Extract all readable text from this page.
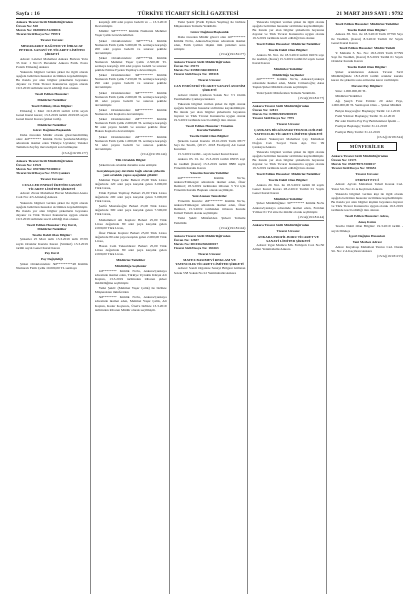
Sayfa : 16	TÜRKİYE TİCARET SİCİLİ GAZETESİ	21 MART 2019 SAYI : 9792
Ankara Ticaret Sicili Müdürlüğü'nden
Ünvan No: 528
Mersis No: 0638005151200016
Ticaret Sicil/Dosya No: 7999 ¥
Ticaret Unvanı:
MERAKARKT DAĞITIM VE İHRACAT PETROL SANAYİ VE TİCARET LİMİTED ŞİRKETİ

Adresi: Lalebel Mahallesi Ankara Bulvarı Yolu 35 Kat: 1 No:15 Pursaklar Ankara Fatih. Posta Polatlı Elmadağ Ankara

Yukarıda bilgileri verilen şirket ile ilgili olarak aşağıda belirtilen hususlar sicilimize kaydedilmiştir. Bu ilanda yer alan bilgiler şirketlerin beyanına dayanır ve Türk Ticaret Kanunu'na uygun olarak 19.3.2019 tarihinde tescil edildiği ilan olunur.

Tescil Edilen Hususlar:
Müdürler/Yetkililer
Tescil Edilmiş Olan Bilgiler:

Elmadağ 1 Mart 19.3.2019 tarihli 1234 sayılı Genel Kurul kararı; 13.3.2019 tarihli 2019/03 sayılı Genel Kurul Kararı (şirket tarih).

Müdürler/Yetkililer
Görev Dağılımı/Başkanlık

Daha önceden Müdür olarak görevlendirilmiş olan: 4Ø******* Kimlik No'lu Şenbaba/Maltliya adresinde ikamet eden Türkiye Uyruklu; Vekalet Temsilen Zeyfay mevcudiyeti son bulmuştur.

(15/A)(19/181177)
Ankara Ticaret Sicili Müdürlüğü'nden
Ünvan No: 12921
Mersis No: 0357006755300012
Ticaret Sicil/Dosya No: 3723 Çankırı
Ticaret Unvanı:
CUSA LED ENERJİ ÜRETİM SANAYİ TİCARET LİMİTED ŞİRKETİ

Adresi: Ziraat Mahallesi Havuz Mahallesi Arena Cadı No: 4/5 Altındağ Ankara

Yukarıda bilgileri verilen şirket ile ilgili olarak aşağıda belirtilen hususlar sicilimize kaydedilmiştir. Bu ilanda yer alan bilgiler şirketlerin beyanına dayanır ve Türk Ticaret Kanunu'na uygun olarak 19.3.2019 tarihinde tescil edildiği ilan olunur.

Tescil Edilen Hususlar: Pay Devri, Müdürler/Yetkililer
Tescile Dahil Olan Bilgiler:

Şirketler 25 Mart tarih 13.3.2019 tarih 07/09 sayılı Ortaklar Kurulu Kararı (Sirüleri) 13.3.2019 tarihli sayılı Genel Kurul Kararı

Pay Devri
Pay Değişikliği

Şirket Ortaklarından: 3Ø*********48 Kimlik Numaralı Fatih Çelik 10.000,00 TL sermaye

karşılığı 400 adet payını bedelli ve ... 13.3.2019 Devretmiştir.

Müdür: 3Ø******* Kimlik Numaralı Mehmet Yaşar Çelik Görevlendirilen

Şirket Ortaklarından: 3Ø*****14 Kimlik Numaralı Fatih Çelik 5.000,00 TL sermaye karşılığı 200 adet payını bedelli ve sınırsız şekilde devretmiştir.

Şirket Ortaklarından: 2Ø*****94 Kimlik Numaralı Mehmet Yaşar Çelik 2.500,00 TL sermaye karşılığı 100 adet payını bedelli ve sınırsız şekilde Emine Eyelen Yeşiltaş'a devretmiştir.

Şirket Ortaklarından: 3Ø******** Kimlik Numaralı Fatih Çelik 7.250,00 TL sermaye karşılığı 290 adet payını bedelli ve sınırsız şekilde devretmiştir.

Şirket Ortaklarından: 3Ø******** Kimlik Numaralı Fatih Çelik 2.000,00 TL sermaye karşılığı 96 adet payını bedelli ve sınırsız şekilde devretmiştir.

Şirket Ortaklarından: 6Ø******** Kimlik Numaralı Ali Kaplan'a devretmiştir.

Şirket Ortaklarından: 2Ø******** Kimlik Numaralı Fatih Çelik 2.000,00 TL sermaye karşılığı 80 adet payını bedelli ve sınırsız şekilde Öner Hakan Kaplan'a devretmiştir.

Şirket Ortaklarından: 2Ø******** Kimlik Numaralı Fatih Çelik 1.000,00 TL sermaye karşılığı 32 adet payını bedelli ve sınırsız şekilde devretmiştir.

(15/A)(19/181144)
Tüh Ortaklık Bilgisi:

Şirketin tek ortaklık durumu sona ermiştir.

Gerçekleşen pay devrinin bağlı olarak şirketin yeni ortaklık yapısı aşağıdaki gibidir:

Mehmet Yaşar Çelik: Beheri 25,00 Türk Lirası değerinde 120 adet paya karşılık gelen 3.000,00 Türk Lirası,

Emin Eymen Yeşiltaş: Beheri 25,00 Türk Lirası değerinde 200 adet paya karşılık gelen 5.000,00 Türk Lirası,

Şerife Mustafaoğlu: Beheri 25,00 Türk Lirası değerinde 300 adet paya karşılık gelen 7.500,00 Türk Lirası,

Muhammed Ali Kaplan: Beheri 25,00 Türk Lirası değerinde 80 adet paya karşılık gelen 2.000,00 Türk Lirası,

Öner Hakan Kaplan: Beheri 25,00 Türk Lirası değerinde 80 adet paya karşılık gelen 2.000,00 Türk Lirası,

Hasan Cem Tuksaldıran: Beheri 25,00 Türk Lirası değerinde 80 adet paya karşılık gelen 2.000,00 Türk Lirası.

Müdürler/Yetkililer
Müdürlüğe Seçilenler

1Ø******** Kimlik No'lu, Ankara/Çankaya adresinde ikamet eden, Türkiye Uyruklu Kürşat Ali Kaplan, 13.3.2019 tarihinden itibaren şirket müdürlüğüne seçilmiştir.

Yetki Şekli: (Mehmet Yaşar Çelik) ile birlikte Müşterekten münferiden

3Ø******** Kimlik No'lu, Ankara/Çankaya adresinde ikamet eden, Mehmet Yaşar Çelik, Ali Kaplan, Kader Koyuncu, Ünal'e birlikte 13.3.2019 tarihinden itibaren Müdür olarak seçilmiştir.

Yetki Şekli: (Fatih Eymen Yeşiltaş) ile birlikte Müşterekten Temsile Yetkilidir.

Görev Dağılımı/Başkanlık

Daha önceden Müdür görevi olan 1Ø******** Kimlik No'lu, Ankara/Keçiören adresinde ikamet eden, Fatih Çelik'e ilişkin tüm yetkileri sona ermiştir.

(15/A)(19/181177)
Ankara Ticaret Sicili Müdürlüğü'nden
Ünvan No: 29175
Mersis No: 0198013661000014
Ticaret Sicil/Dosya No: 189118
Ticaret Unvanı:
CAN ENDÜSTRİ TİCARET SANAYİ ANONİM ŞİRKETİ

Adresi: Ostim Çaldıran Sokak No: 7/1 Ostim Yenimahalle Çankaya/Ankara

Yukarıda bilgileri verilen şirket ile ilgili olarak aşağıda belirtilen hususlar sicilimize kaydedilmiştir. Bu ilanda yer alan bilgiler şirketlerin beyanına dayanır ve Türk Ticaret Kanunu'na uygun olarak 19.3.2019 tarihinde tescil edildiği ilan olunur.

Tescil Edilen Hususlar: Yönetim Kurulu/Yetkililer
Tescile Dahil Olan Bilgiler:

Şirketin Genel Kurulu 18.10.2019 Tarih 08/77 Sayı ile Tescili, (2017- 2018 Faaliyeti) Ait Genel Kurulları

15.3.2019 tarihli - sayılı Genel Kurul Kararı

Ankara 03. 01. ile 15.3.2019 tarihli 03033 sayı ile tasdikli (Karar) 15.3.2019 tarihli 8880 sayılı Yönetim Kurulu Kararı

Yönetim Kurulu/Yetkililer

2Ø*********** Kimlik No'lu, Ankara/Etimesgut adresinde ikamet eden, Öner Demirel; 18.3.2019 tarihinden itibaren 3 Yıl için Yönetim Kurulu Başkanı olarak seçilmiştir.

Yeni Atanan Temsilciler

Yönetim Kurulu: 2Ø******** Kimlik No'lu, Ankara/Etimesgut adresinde ikamet eden, Öner Demirel, 15.3.2019 tarihinden itibaren Kurulu Temsil Yetkili olarak seçilmiştir.

Yetki Şekli: Münferiden Şirketi Temsile Yetkilidir.

(15/A)(19/181144)
Ankara Ticaret Sicili Müdürlüğü'nden
Ünvan No: 12837
Mersis No: 0010162366400017
Ticaret Sicil/Dosya No: 184263
Ticaret Unvanı:
MATEX BASIMEVİ REKLAM VE YAYINCILIK TİCARET LİMİTED ŞİRKETİ

Adresi: Sondi Organize Sanayi Bölgesi Gülistan Sokak 558 Sokak No:12 Yenimahalle/Ankara

Yukarıda bilgileri verilen şirket ile ilgili olarak aşağıda belirtilen hususlar sicilimize kaydedilmiştir. Bu ilanda yer alan bilgiler şirketlerin beyanına dayanır ve Türk Ticaret Kanunu'na uygun olarak 19.3.2019 tarihinde tescil edildiği ilan olunur.

Tescil Edilen Hususlar: Müdürler/Yetkililer
Tescile Dahil Olan Bilgiler:

Ankara 30. Not. ile 18.3.2019 tarihli 02674 sayı ile tasdikli, (Karar) 15.3.2019 tarihli 02 sayılı Genel Kurul Kararı

Müdürler/Yetkililer
Müdürlüğe Seçilenler

2Ø******** Kimlik No'lu, Ankara/Çankaya adresinde ikamet eden, Metin Cömertoğlu; Aksa Taşkın Şirket Müdürü olarak seçilmiştir.

Yetki Şekli: Münferiden Temsile Yetkilidir.

(15/A)(19/181177)
Ankara Ticaret Sicili Müdürlüğü'nden
Ünvan No: 12813
Mersis No: 0289020492000019
Ticaret Sicil/Dosya No: 7975
Ticaret Unvanı:
ÇANKAYA BİLGİSAYAR TEKNOLOJİLERİ YAYINCILIK TİCARET LİMİTED ŞİRKETİ

Adresi: Yukarıyurt Mahallesi Çay Mahallesi Doğan Cad. Sosyal Tesis Apt. No: 99 Çankaya/Ankara

Yukarıda bilgileri verilen şirket ile ilgili olarak aşağıda belirtilen hususlar sicilimize kaydedilmiştir. Bu ilanda yer alan bilgiler şirketlerin beyanına dayanır ve Türk Ticaret Kanunu'na uygun olarak 19.3.2019 tarihinde tescil edildiği ilan olunur.

Tescil Edilen Hususlar: Müdürler/Yetkililer
Tescile Dahil Olan Bilgiler:

Ankara 20. Not. ile 18.3.2019 tarihli 02 sayılı Genel Kurul Kararı 28.2.2019 Tarihli 01 Sayılı Genel Kurul Kararı

Müdürler/Yetkililer

Şirket Müdürlüğüne: 30******** Kimlik No'lu Ankara/Çankaya adresinde ikamet eden, Feridun Yılmaz 01 Yıl süre ile müdür olarak seçilmiştir.

(15/A)(19/181144)
Ankara Ticaret Sicili Müdürlüğü'nden
Ticaret Unvanı:
ANKARA PROFİL BORU TİCARET VE SANAYİ LİMİTED ŞİRKETİ

Adresi: Ugur Mumcu Mh. Fethiyelı Cad. No:50 Altları Yenimahalle/Ankara

Tescil Edilen Hususlar: Müdürler/Yetkililer
Tescile Dahil Olan Bilgiler:

Ankara 38. Not. ile 18.3.2019 Tarih 07799 Sayı ile Tasdikli, (Karar) 8.3.2019 Tarihli 02 Sayılı Genel Kurul Kararı

Tescil Edilen Hususlar: Müdür/Yetkili

Y. Mahalle 3. No. No: 18.3.2019 Tarih 07799 Sayı İle Tasdikli, (Karar) 8.3.2019 Tarihli 01 Sayılı Ortaklar Kurulu Kararı

Tescile Dahil Olan Bilgiler:

Şirket ortaklarının Ankara Ticaret Sicil Müdürlüğünde 18.3.2019 tarihli ortaklar kurulu kararı ile şirketin sona ermesine karar verilmiştir.

Mevcut Pay Bilgileri:

Süre: 1.000.000,00 TL

Müdürler/Yetkililer

Ağı Şuayb Fırat Ertürk: 20 Adet Payı, 1.000.000,00 TL Sermayesi Olan ... Şirket Müdürü

Balçın Kuşçuoğlu: Başlangıç Tarihi: 12.1.2019

Fadıl Yılmaz: Başlangıç Tarihi: 31.12.2019

Bir adet Dariba Pay Pay Belirlenmesi İşlemi ...

Faaliyet Başlangıç Tarihi: 31.12.2018

Faaliyet Bitiş Tarihi: 31.12.2019

(15/A)(19/181344)
MÜNFERİLER
Ankara Ticaret Sicili Müdürlüğü'nden
Ünvan No: 11573
Mersis No: 0548789713500017
Ticaret Sicil/Dosya No: 395652
Ticaret Unvanı:
FERHAT EVCİ

Adresi: Ayvalı Mahallesi Tahsil Konak Cad. Yazar Sit. No: 21 A Keçiören/Ankara

Yukarıda bilgileri verilen kişi ile ilgili olarak aşağıda belirtilen hususlar sicilimize kaydedilmiştir. Bu ilanda yer alan bilgiler kişinin beyanına dayanır ve Türk Ticaret Kanunu'na uygun olarak 19.3.2019 tarihinde tescil edildiği ilan olunur.

Tescil Edilen Hususlar: Adres,
Ameş Kırım

Tescile Dahil Olan Bilgiler: 19.3.2019 tarihli - sayılı Dilekçe

İşyeri Değişim Hususları
Yeni Merkez Adresi

Adres: Kuyubaşı Mahallesi Yenice Cad. Durak Sit. No: 2 A Keçiören/Ankara

(15/A)(19/181155)
